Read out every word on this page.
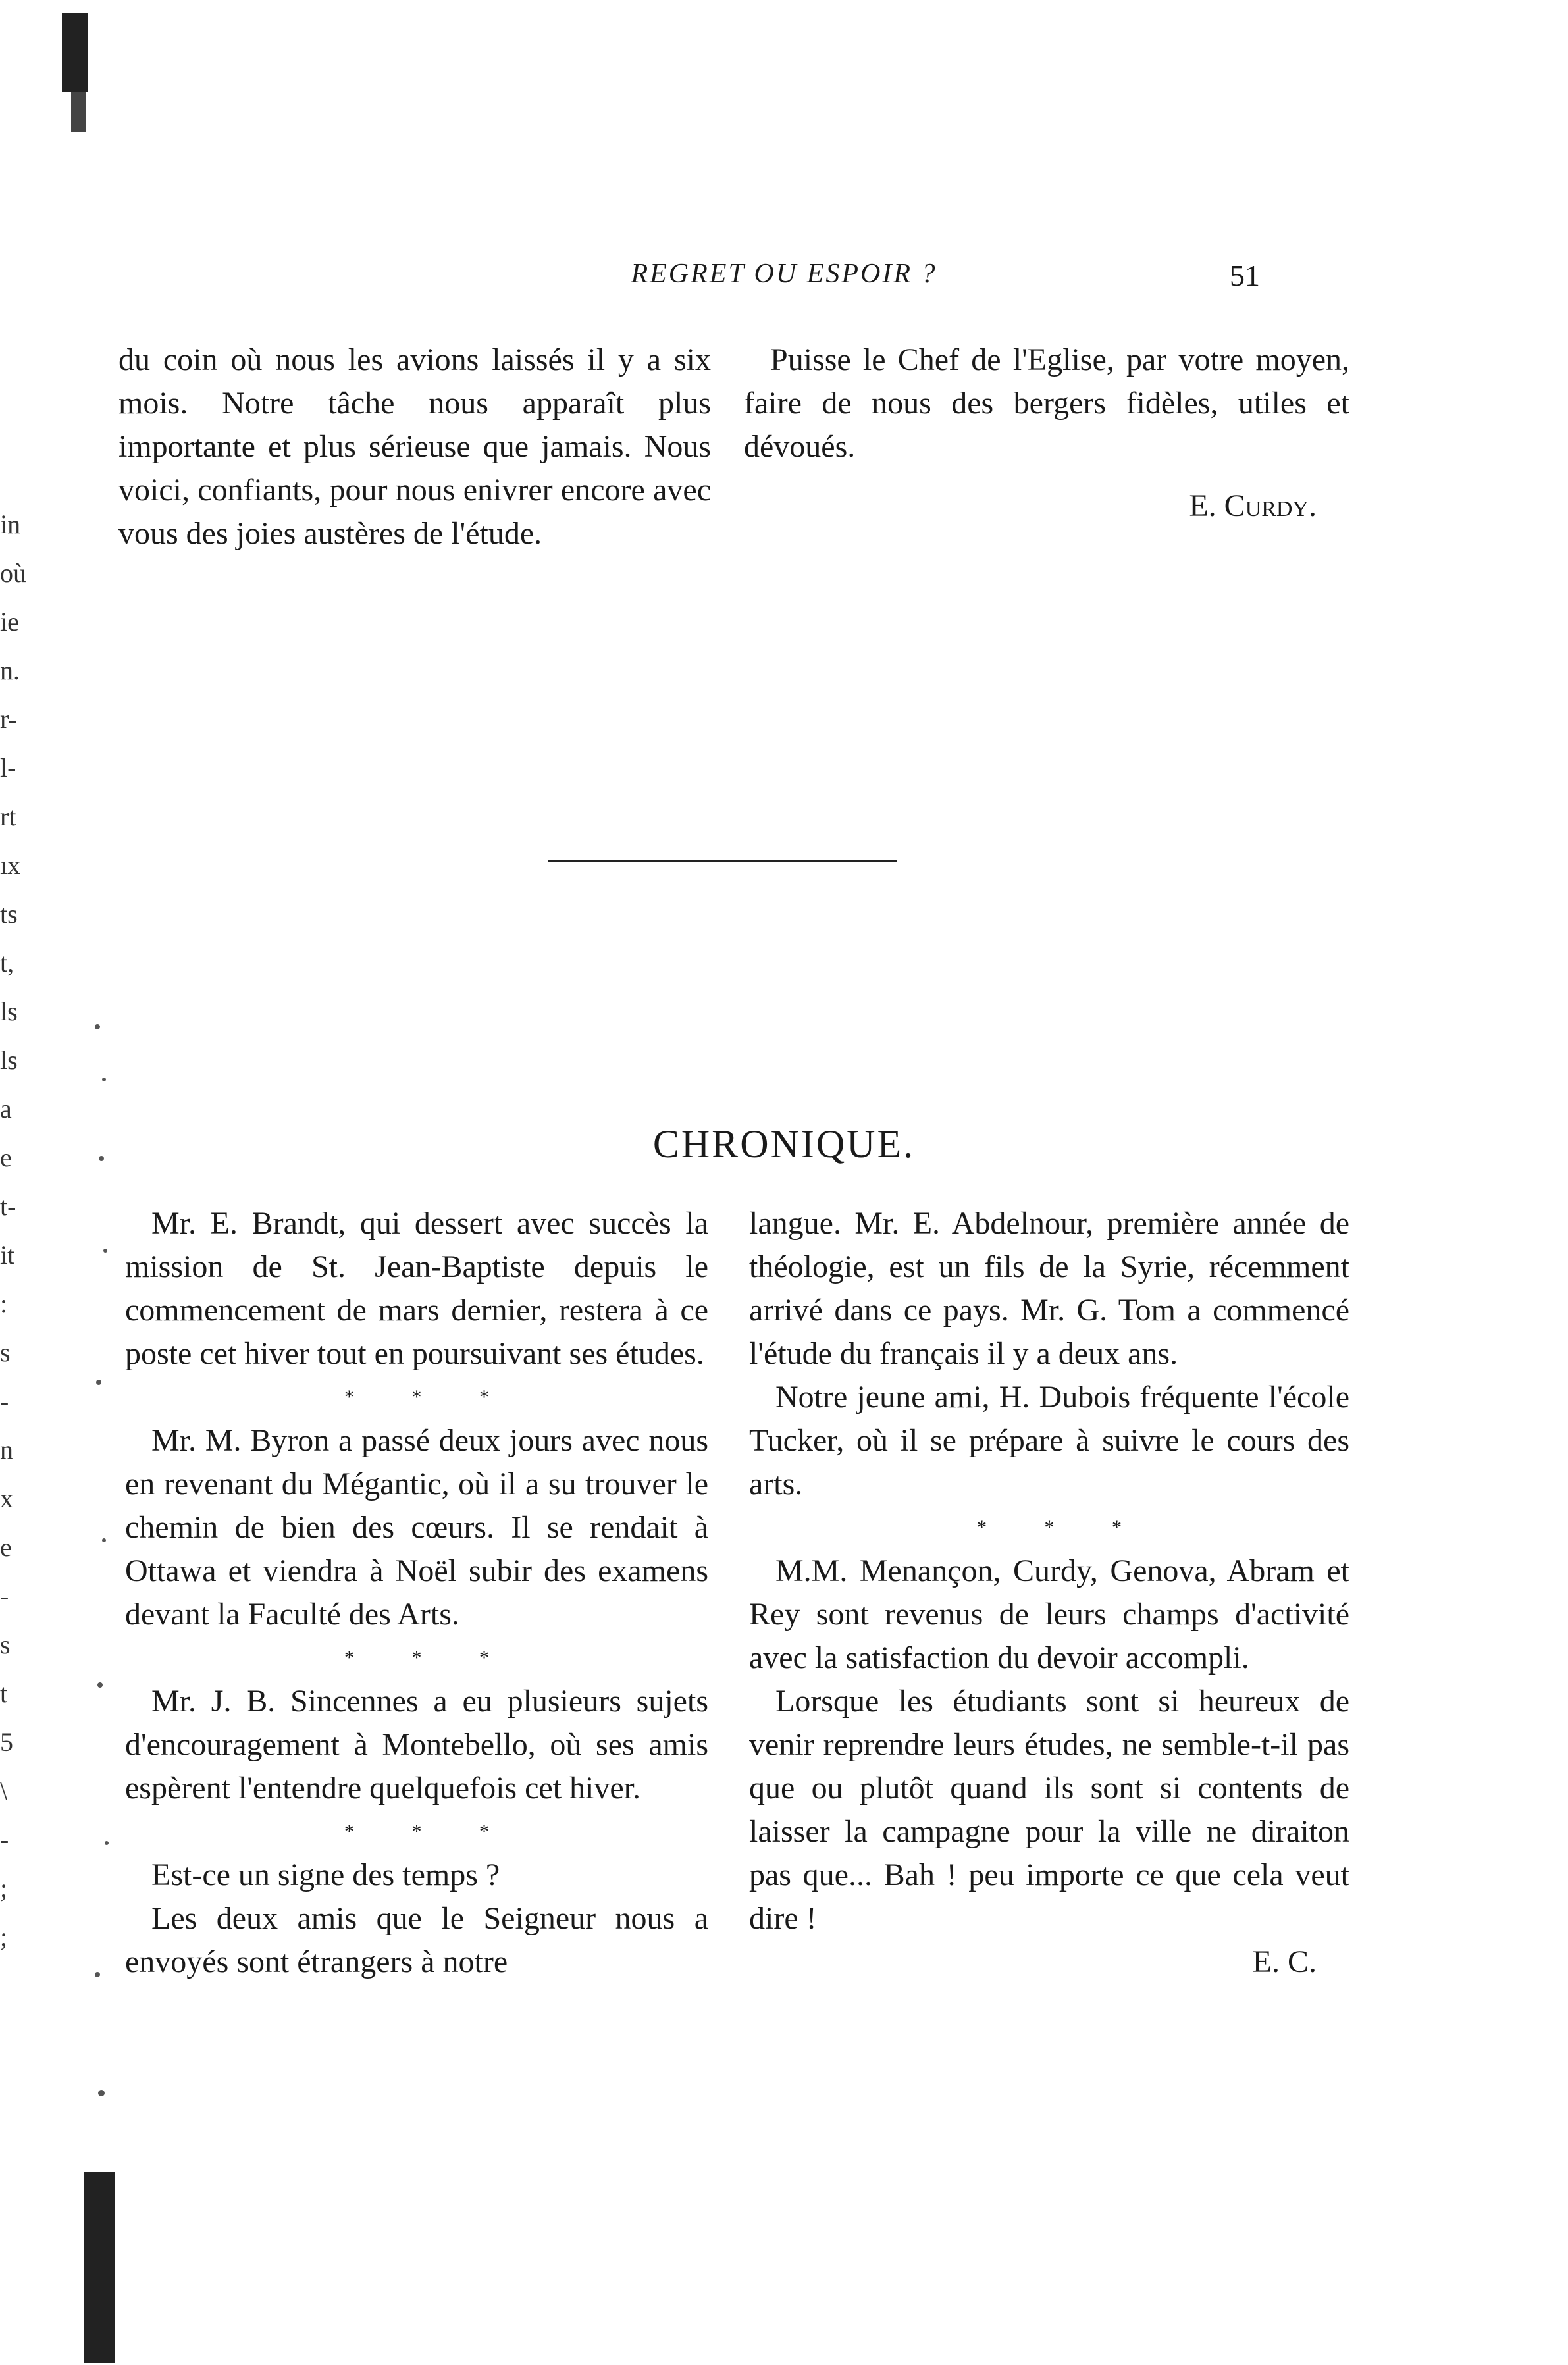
in
où
ie
n.
r-
l-
rt
ıx
ts
t,
ls
ls
a
e
t-
it
:
s
-
n
x
e
-
s
t
5
\
-
;
;
REGRET OU ESPOIR ?	51

du coin où nous les avions laissés il y a six mois. Notre tâche nous apparaît plus importante et plus sérieuse que jamais. Nous voici, confiants, pour nous enivrer encore avec vous des joies austères de l'étude.

Puisse le Chef de l'Eglise, par votre moyen, faire de nous des bergers fidèles, utiles et dévoués.

E. Curdy.

CHRONIQUE.

Mr. E. Brandt, qui dessert avec succès la mission de St. Jean-Baptiste depuis le commencement de mars dernier, restera à ce poste cet hiver tout en poursuivant ses études.

* * *

Mr. M. Byron a passé deux jours avec nous en revenant du Mégantic, où il a su trouver le chemin de bien des cœurs. Il se rendait à Ottawa et viendra à Noël subir des examens devant la Faculté des Arts.

* * *

Mr. J. B. Sincennes a eu plusieurs sujets d'encouragement à Montebello, où ses amis espèrent l'entendre quelquefois cet hiver.

* * *

Est-ce un signe des temps ?

Les deux amis que le Seigneur nous a envoyés sont étrangers à notre

langue. Mr. E. Abdelnour, première année de théologie, est un fils de la Syrie, récemment arrivé dans ce pays. Mr. G. Tom a commencé l'étude du français il y a deux ans.

Notre jeune ami, H. Dubois fréquente l'école Tucker, où il se prépare à suivre le cours des arts.

* * *

M.M. Menançon, Curdy, Genova, Abram et Rey sont revenus de leurs champs d'activité avec la satisfaction du devoir accompli.

Lorsque les étudiants sont si heureux de venir reprendre leurs études, ne semble-t-il pas que ou plutôt quand ils sont si contents de laisser la campagne pour la ville ne diraiton pas que... Bah ! peu importe ce que cela veut dire !

E. C.
